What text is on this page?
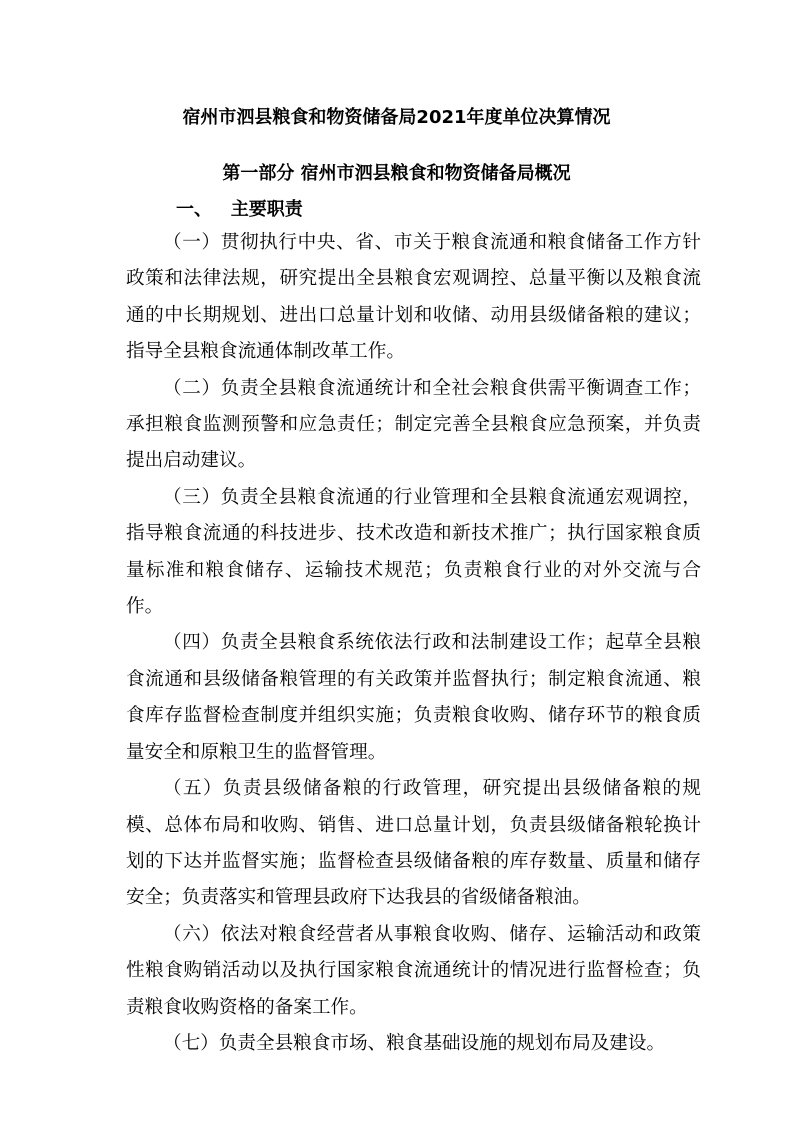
宿州市泗县粮食和物资储备局2021年度单位决算情况
第一部分 宿州市泗县粮食和物资储备局概况
一、   主要职责

（一）贯彻执行中央、省、市关于粮食流通和粮食储备工作方针政策和法律法规，研究提出全县粮食宏观调控、总量平衡以及粮食流通的中长期规划、进出口总量计划和收储、动用县级储备粮的建议；指导全县粮食流通体制改革工作。

（二）负责全县粮食流通统计和全社会粮食供需平衡调查工作；承担粮食监测预警和应急责任；制定完善全县粮食应急预案，并负责提出启动建议。

（三）负责全县粮食流通的行业管理和全县粮食流通宏观调控，指导粮食流通的科技进步、技术改造和新技术推广；执行国家粮食质量标准和粮食储存、运输技术规范；负责粮食行业的对外交流与合作。

（四）负责全县粮食系统依法行政和法制建设工作；起草全县粮食流通和县级储备粮管理的有关政策并监督执行；制定粮食流通、粮食库存监督检查制度并组织实施；负责粮食收购、储存环节的粮食质量安全和原粮卫生的监督管理。

（五）负责县级储备粮的行政管理，研究提出县级储备粮的规模、总体布局和收购、销售、进口总量计划，负责县级储备粮轮换计划的下达并监督实施；监督检查县级储备粮的库存数量、质量和储存安全；负责落实和管理县政府下达我县的省级储备粮油。

（六）依法对粮食经营者从事粮食收购、储存、运输活动和政策性粮食购销活动以及执行国家粮食流通统计的情况进行监督检查；负责粮食收购资格的备案工作。

（七）负责全县粮食市场、粮食基础设施的规划布局及建设。
